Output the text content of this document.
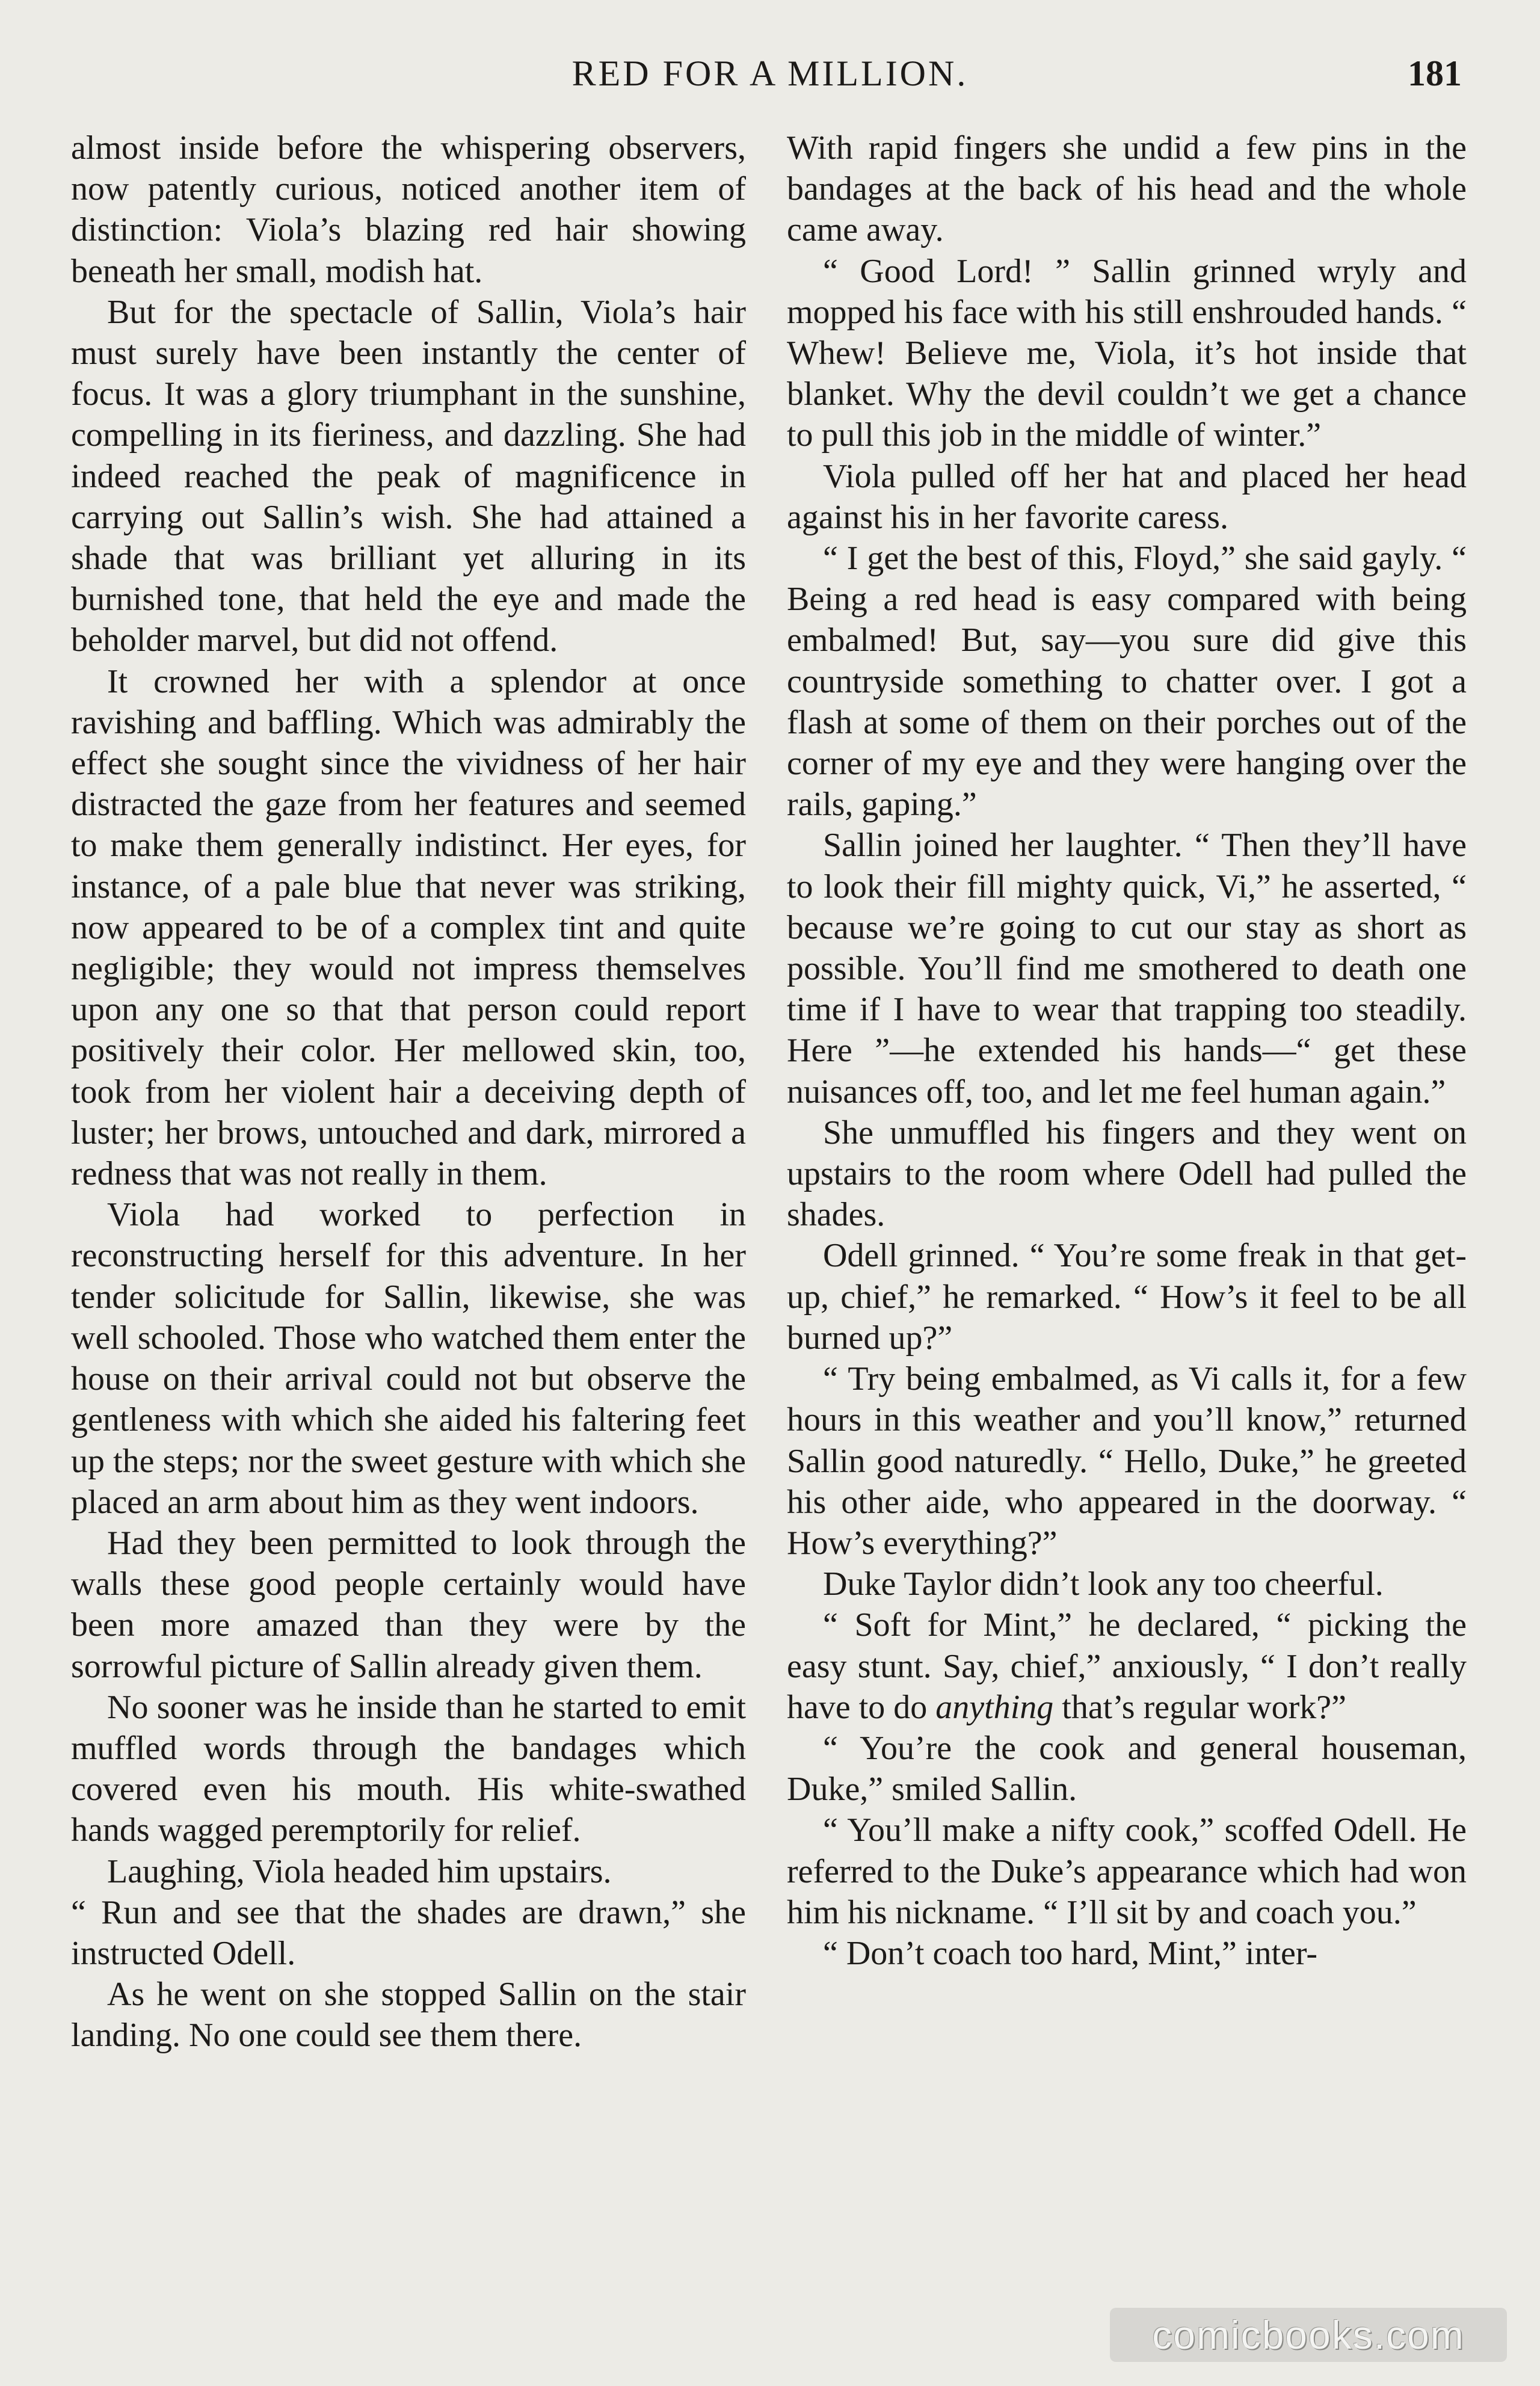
RED FOR A MILLION.	181

almost inside before the whispering observers, now patently curious, noticed another item of distinction: Viola’s blazing red hair showing beneath her small, modish hat.

But for the spectacle of Sallin, Viola’s hair must surely have been instantly the center of focus. It was a glory triumphant in the sunshine, compelling in its fieriness, and dazzling. She had indeed reached the peak of magnificence in carrying out Sallin’s wish. She had attained a shade that was brilliant yet alluring in its burnished tone, that held the eye and made the beholder marvel, but did not offend.

It crowned her with a splendor at once ravishing and baffling. Which was admirably the effect she sought since the vividness of her hair distracted the gaze from her features and seemed to make them generally indistinct. Her eyes, for instance, of a pale blue that never was striking, now appeared to be of a complex tint and quite negligible; they would not impress themselves upon any one so that that person could report positively their color. Her mellowed skin, too, took from her violent hair a deceiving depth of luster; her brows, untouched and dark, mirrored a redness that was not really in them.

Viola had worked to perfection in reconstructing herself for this adventure. In her tender solicitude for Sallin, likewise, she was well schooled. Those who watched them enter the house on their arrival could not but observe the gentleness with which she aided his faltering feet up the steps; nor the sweet gesture with which she placed an arm about him as they went indoors.

Had they been permitted to look through the walls these good people certainly would have been more amazed than they were by the sorrowful picture of Sallin already given them.

No sooner was he inside than he started to emit muffled words through the bandages which covered even his mouth. His white-swathed hands wagged peremptorily for relief.

Laughing, Viola headed him upstairs.

“ Run and see that the shades are drawn,” she instructed Odell.

As he went on she stopped Sallin on the stair landing. No one could see them there.

With rapid fingers she undid a few pins in the bandages at the back of his head and the whole came away.

“ Good Lord! ” Sallin grinned wryly and mopped his face with his still enshrouded hands. “ Whew! Believe me, Viola, it’s hot inside that blanket. Why the devil couldn’t we get a chance to pull this job in the middle of winter.”

Viola pulled off her hat and placed her head against his in her favorite caress.

“ I get the best of this, Floyd,” she said gayly. “ Being a red head is easy compared with being embalmed! But, say—you sure did give this countryside something to chatter over. I got a flash at some of them on their porches out of the corner of my eye and they were hanging over the rails, gaping.”

Sallin joined her laughter. “ Then they’ll have to look their fill mighty quick, Vi,” he asserted, “ because we’re going to cut our stay as short as possible. You’ll find me smothered to death one time if I have to wear that trapping too steadily. Here ”—he extended his hands—“ get these nuisances off, too, and let me feel human again.”

She unmuffled his fingers and they went on upstairs to the room where Odell had pulled the shades.

Odell grinned. “ You’re some freak in that get-up, chief,” he remarked. “ How’s it feel to be all burned up?”

“ Try being embalmed, as Vi calls it, for a few hours in this weather and you’ll know,” returned Sallin good naturedly. “ Hello, Duke,” he greeted his other aide, who appeared in the doorway. “ How’s everything?”

Duke Taylor didn’t look any too cheerful.

“ Soft for Mint,” he declared, “ picking the easy stunt. Say, chief,” anxiously, “ I don’t really have to do anything that’s regular work?”

“ You’re the cook and general houseman, Duke,” smiled Sallin.

“ You’ll make a nifty cook,” scoffed Odell. He referred to the Duke’s appearance which had won him his nickname. “ I’ll sit by and coach you.”

“ Don’t coach too hard, Mint,” inter-

comicbooks.com
